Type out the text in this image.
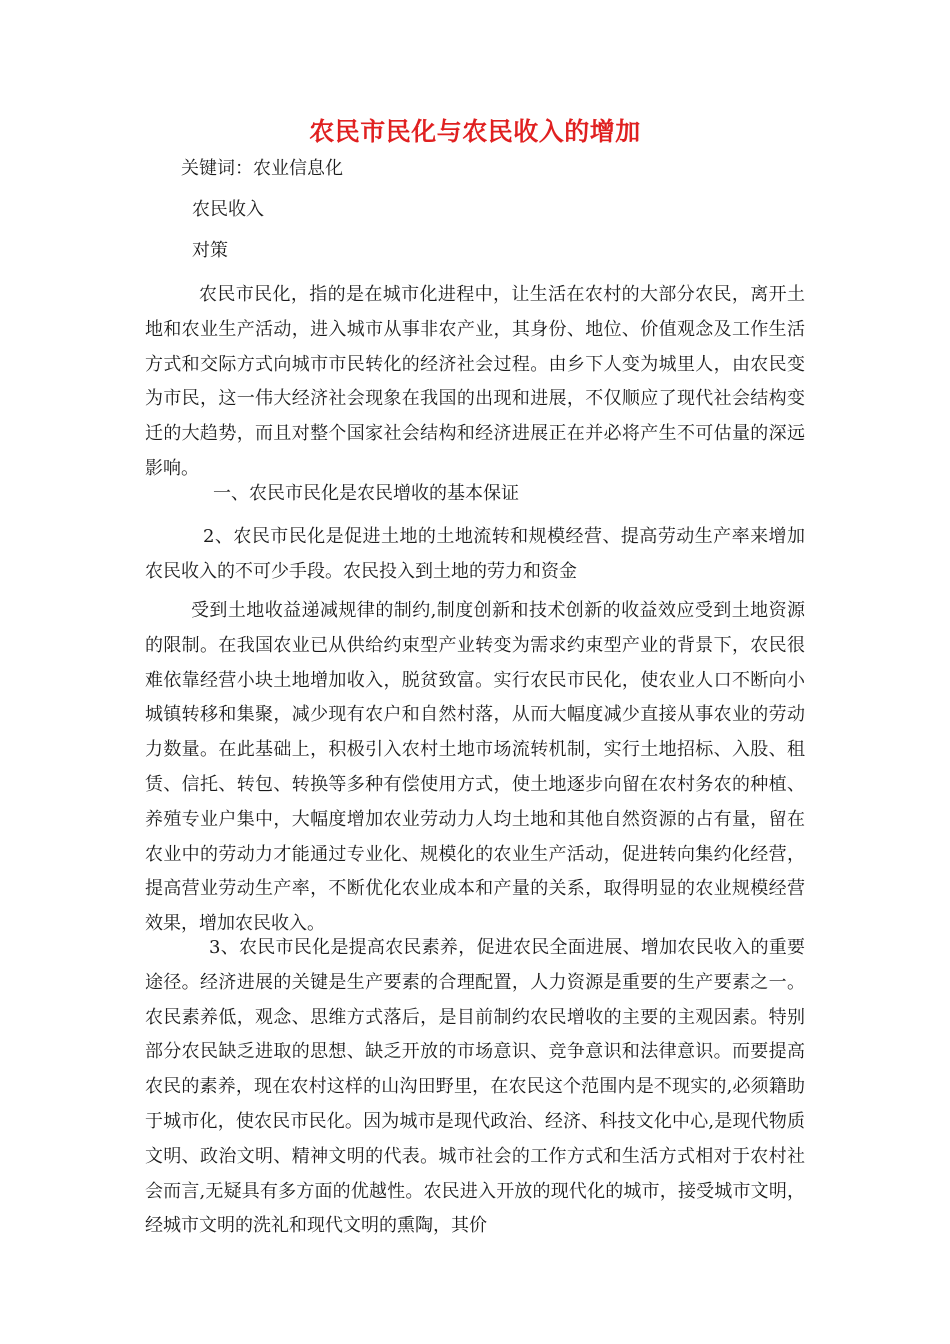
农民市民化与农民收入的增加
关键词：农业信息化
农民收入
对策

农民市民化，指的是在城市化进程中，让生活在农村的大部分农民，离开土地和农业生产活动，进入城市从事非农产业，其身份、地位、价值观念及工作生活方式和交际方式向城市市民转化的经济社会过程。由乡下人变为城里人，由农民变为市民，这一伟大经济社会现象在我国的出现和进展，不仅顺应了现代社会结构变迁的大趋势，而且对整个国家社会结构和经济进展正在并必将产生不可估量的深远影响。

一、农民市民化是农民增收的基本保证

2、农民市民化是促进土地的土地流转和规模经营、提高劳动生产率来增加农民收入的不可少手段。农民投入到土地的劳力和资金

受到土地收益递减规律的制约,制度创新和技术创新的收益效应受到土地资源的限制。在我国农业已从供给约束型产业转变为需求约束型产业的背景下，农民很难依靠经营小块土地增加收入，脱贫致富。实行农民市民化，使农业人口不断向小城镇转移和集聚，减少现有农户和自然村落，从而大幅度减少直接从事农业的劳动力数量。在此基础上，积极引入农村土地市场流转机制，实行土地招标、入股、租赁、信托、转包、转换等多种有偿使用方式，使土地逐步向留在农村务农的种植、养殖专业户集中，大幅度增加农业劳动力人均土地和其他自然资源的占有量，留在农业中的劳动力才能通过专业化、规模化的农业生产活动，促进转向集约化经营，提高营业劳动生产率，不断优化农业成本和产量的关系，取得明显的农业规模经营效果，增加农民收入。

3、农民市民化是提高农民素养，促进农民全面进展、增加农民收入的重要途径。经济进展的关键是生产要素的合理配置，人力资源是重要的生产要素之一。农民素养低，观念、思维方式落后，是目前制约农民增收的主要的主观因素。特别部分农民缺乏进取的思想、缺乏开放的市场意识、竞争意识和法律意识。而要提高农民的素养，现在农村这样的山沟田野里，在农民这个范围内是不现实的,必须籍助于城市化，使农民市民化。因为城市是现代政治、经济、科技文化中心,是现代物质文明、政治文明、精神文明的代表。城市社会的工作方式和生活方式相对于农村社会而言,无疑具有多方面的优越性。农民进入开放的现代化的城市，接受城市文明，经城市文明的洗礼和现代文明的熏陶，其价
